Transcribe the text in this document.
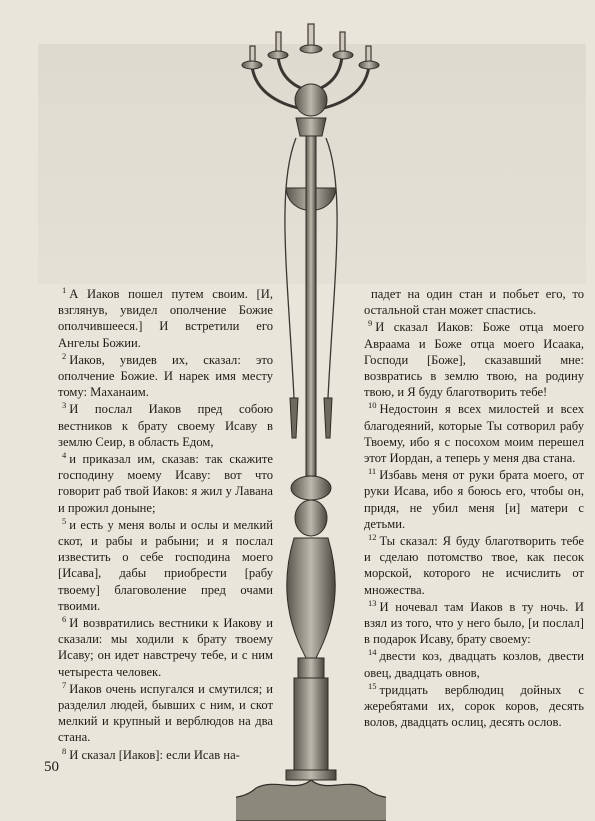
$^1$ А Иаков пошел путем своим. [И, взглянув, увидел ополчение Божие ополчившееся.] И встретили его Ангелы Божии.

$^2$ Иаков, увидев их, сказал: это ополчение Божие. И нарек имя месту тому: Маханаим.

$^3$ И послал Иаков пред собою вестников к брату своему Исаву в землю Сеир, в область Едом,

$^4$ и приказал им, сказав: так скажите господину моему Исаву: вот что говорит раб твой Иаков: я жил у Лавана и прожил доныне;

$^5$ и есть у меня волы и ослы и мелкий скот, и рабы и рабыни; и я послал известить о себе господина моего [Исава], дабы приобрести [рабу твоему] благоволение пред очами твоими.

$^6$ И возвратились вестники к Иакову и сказали: мы ходили к брату твоему Исаву; он идет навстречу тебе, и с ним четыреста человек.

$^7$ Иаков очень испугался и смутился; и разделил людей, бывших с ним, и скот мелкий и крупный и верблюдов на два стана.

$^8$ И сказал [Иаков]: если Исав на-

падет на один стан и побьет его, то остальной стан может спастись.

$^9$ И сказал Иаков: Боже отца моего Авраама и Боже отца моего Исаака, Господи [Боже], сказавший мне: возвратись в землю твою, на родину твою, и Я буду благотворить тебе!

$^{10}$ Недостоин я всех милостей и всех благодеяний, которые Ты сотворил рабу Твоему, ибо я с посохом моим перешел этот Иордан, а теперь у меня два стана.

$^{11}$ Избавь меня от руки брата моего, от руки Исава, ибо я боюсь его, чтобы он, придя, не убил меня [и] матери с детьми.

$^{12}$ Ты сказал: Я буду благотворить тебе и сделаю потомство твое, как песок морской, которого не исчислить от множества.

$^{13}$ И ночевал там Иаков в ту ночь. И взял из того, что у него было, [и послал] в подарок Исаву, брату своему:

$^{14}$ двести коз, двадцать козлов, двести овец, двадцать овнов,

$^{15}$ тридцать верблюдиц дойных с жеребятами их, сорок коров, десять волов, двадцать ослиц, десять ослов.

50
